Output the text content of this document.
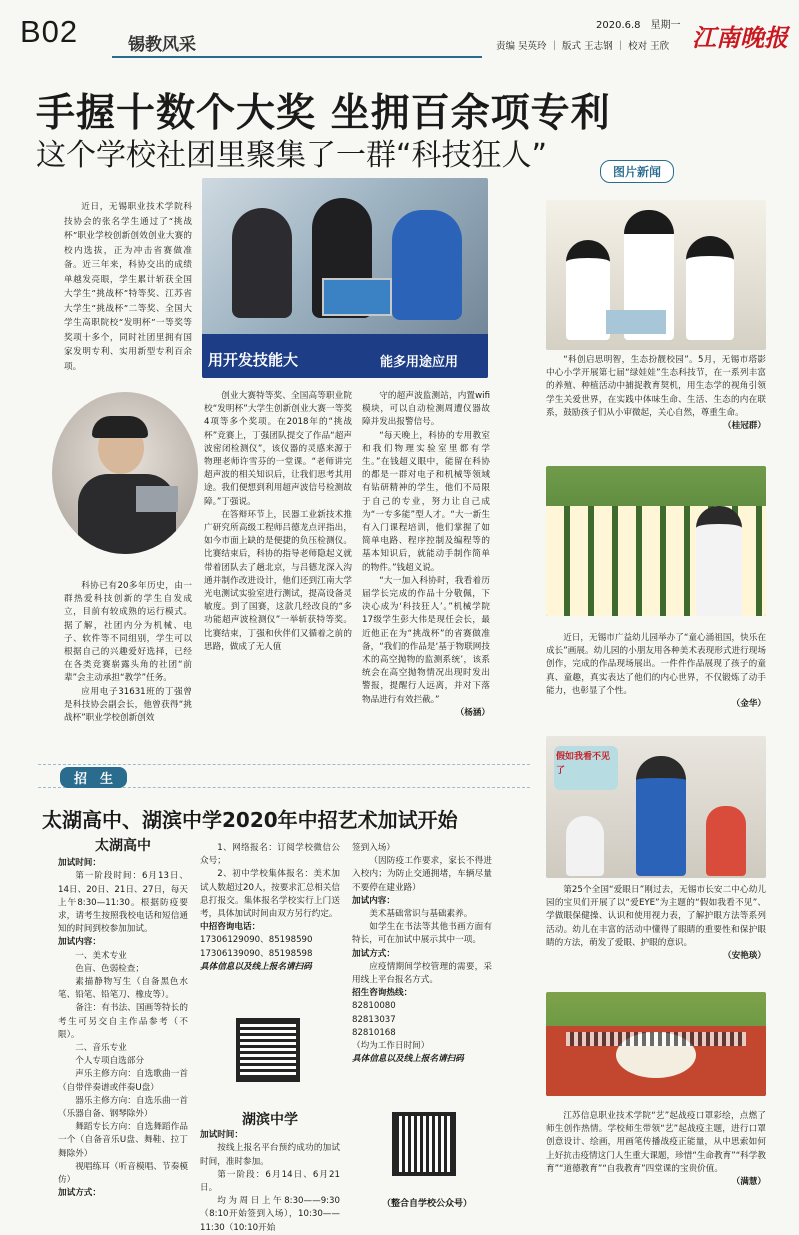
B02	锡教风采
2020.6.8　星期一
责编 吴英玲 ｜ 版式 王志钢 ｜ 校对 王欣 江南晚报
手握十数个大奖 坐拥百余项专利
这个学校社团里聚集了一群“科技狂人”
近日，无锡职业技术学院科技协会的张名学生通过了“挑战杯”职业学校创新创效创业大赛的校内选拔，正为冲击省赛做准备。近三年来，科协交出的成绩单越发亮眼，学生累计斩获全国大学生“挑战杯”特等奖、江苏省大学生“挑战杯”二等奖、全国大学生高职院校“发明杯”一等奖等奖项十多个，同时社团里拥有国家发明专利、实用新型专利百余项。	用开发技能大	能多用途应用

科协已有20多年历史，由一群热爱科技创新的学生自发成立，目前有较成熟的运行模式。据了解，社团内分为机械、电子、软件等不同组别，学生可以根据自己的兴趣爱好选择，已经在各类竞赛崭露头角的社团“前辈”会主动承担“教学”任务。

应用电子31631班的丁强曾是科技协会副会长，他曾获得“挑战杯”职业学校创新创效

创业大赛特等奖、全国高等职业院校“发明杯”大学生创新创业大赛一等奖4项等多个奖项。在2018年的“挑战杯”竞赛上，丁强团队提交了作品“超声波密闭检测仪”，该仪器的灵感来源于物理老师许雪芬的一堂课。“老师讲完超声波的相关知识后，让我们思考其用途。我们便想到利用超声波信号检测故障。”丁强说。

在答辩环节上，民器工业新技术推广研究所高级工程师吕德龙点评指出，如今市面上缺的是便捷的负压检测仪。比赛结束后，科协的指导老师隐起义就带着团队去了趟北京，与吕德龙深入沟通并制作改进设计，他们还到江南大学光电测试实验室进行测试，提高设备灵敏度。到了国赛，这款几经改良的“多功能超声波检测仪”一举斩获特等奖。比赛结束，丁强和伙伴们又循着之前的思路，做成了无人值

守的超声波监测站，内置wifi模块，可以自动检测周遭仪器故障并发出报警信号。

“每天晚上，科协的专用教室和我们物理实验室里都有学生。”在钱超义眼中，能留在科协的都是一群对电子和机械等领域有钻研精神的学生，他们不局限于自己的专业，努力让自己成为“一专多能”型人才。“大一新生有入门课程培训，他们掌握了如简单电路、程序控制及编程等的基本知识后，就能动手制作简单的物件。”钱超义说。

“大一加入科协时，我看着历届学长完成的作品十分敬佩，下决心成为‘科技狂人’。”机械学院17级学生彭大伟是现任会长，最近他正在为“挑战杯”的省赛做准备，“我们的作品是‘基于物联网技术的高空抛物的监测系统’，该系统会在高空抛物情况出现时发出警报，提醒行人远离，并对下落物品进行有效拦截。”

（杨涵）
招　生
太湖高中、湖滨中学2020年中招艺术加试开始
太湖高中
加试时间：

第一阶段时间：6月13日、14日、20日、21日、27日，每天上午8:30—11:30。根据防疫要求，请考生按照我校电话和短信通知的时间到校参加加试。

加试内容：

一、美术专业

色盲、色弱检查；

素描静物写生（自备黑色水笔、铅笔、铅笔刀、橡皮等）。

备注：有书法、国画等特长的考生可另交自主作品参考（不限）。

二、音乐专业

个人专项自选部分

声乐主修方向：自选歌曲一首（自带伴奏谱或伴奏U盘）

器乐主修方向：自选乐曲一首（乐器自备、钢琴除外）

舞蹈专长方向：自选舞蹈作品一个（自备音乐U盘、舞鞋、拉丁舞除外）

视唱练耳（听音模唱、节奏模仿）

加试方式：

1、网络报名：订阅学校微信公众号；

2、初中学校集体报名：美术加试人数超过20人，按要求汇总相关信息打报交。集体报名学校实行上门送考，具体加试时间由双方另行约定。

中招咨询电话：
17306129090、85198590
17306139090、85198598
具体信息以及线上报名请扫码
湖滨中学
加试时间：

按线上报名平台预约成功的加试时间，准时参加。

第一阶段：6月14日、6月21日。

均为周日上午8:30——9:30（8:10开始签到入场），10:30——11:30（10:10开始

签到入场）

（因防疫工作要求，家长不得进入校内；为防止交通拥堵，车辆尽量不要停在建业路）

加试内容：

美术基础常识与基础素养。

如学生在书法等其他书画方面有特长，可在加试中展示其中一项。

加试方式：

应疫情期间学校管理的需要，采用线上平台报名方式。

招生咨询热线：
82810080
82813037
82810168
（均为工作日时间）
具体信息以及线上报名请扫码
（整合自学校公众号）
图片新闻

“科创启思明智，生态扮靓校园”。5月，无锡市塔影中心小学开展第七届“绿娃娃”生态科技节，在一系列丰富的养殖、种植活动中捕捉教育契机，用生态学的视角引领学生关爱世界，在实践中体味生命、生活、生态的内在联系，鼓励孩子们从小审微起，关心自然，尊重生命。

（桂冠群）

近日，无锡市广益幼儿园举办了“童心涌祖国，快乐在成长”画展。幼儿园的小朋友用各种美术表现形式进行现场创作，完成的作品现场展出。一件件作品展现了孩子的童真、童趣，真实表达了他们的内心世界，不仅锻炼了动手能力，也彰显了个性。

（金华）
假如我看不见了

第25个全国“爱眼日”刚过去，无锡市长安二中心幼儿园的宝贝们开展了以“爱EYE”为主题的“假如我看不见”、学做眼保健操、认识和使用视力表，了解护眼方法等系列活动。幼儿在丰富的活动中懂得了眼睛的重要性和保护眼睛的方法，萌发了爱眼、护眼的意识。

（安艳琰）

江苏信息职业技术学院“艺”起战疫口罩彩绘，点燃了师生创作热情。学校师生带领“艺”起战疫主题，进行口罩创意设计、绘画，用画笔传播战疫正能量，从中思索如何上好抗击疫情这门人生重大课题，珍惜“生命教育”“科学教育”“道德教育”“自我教育”四堂课的宝贵价值。

（满慧）
